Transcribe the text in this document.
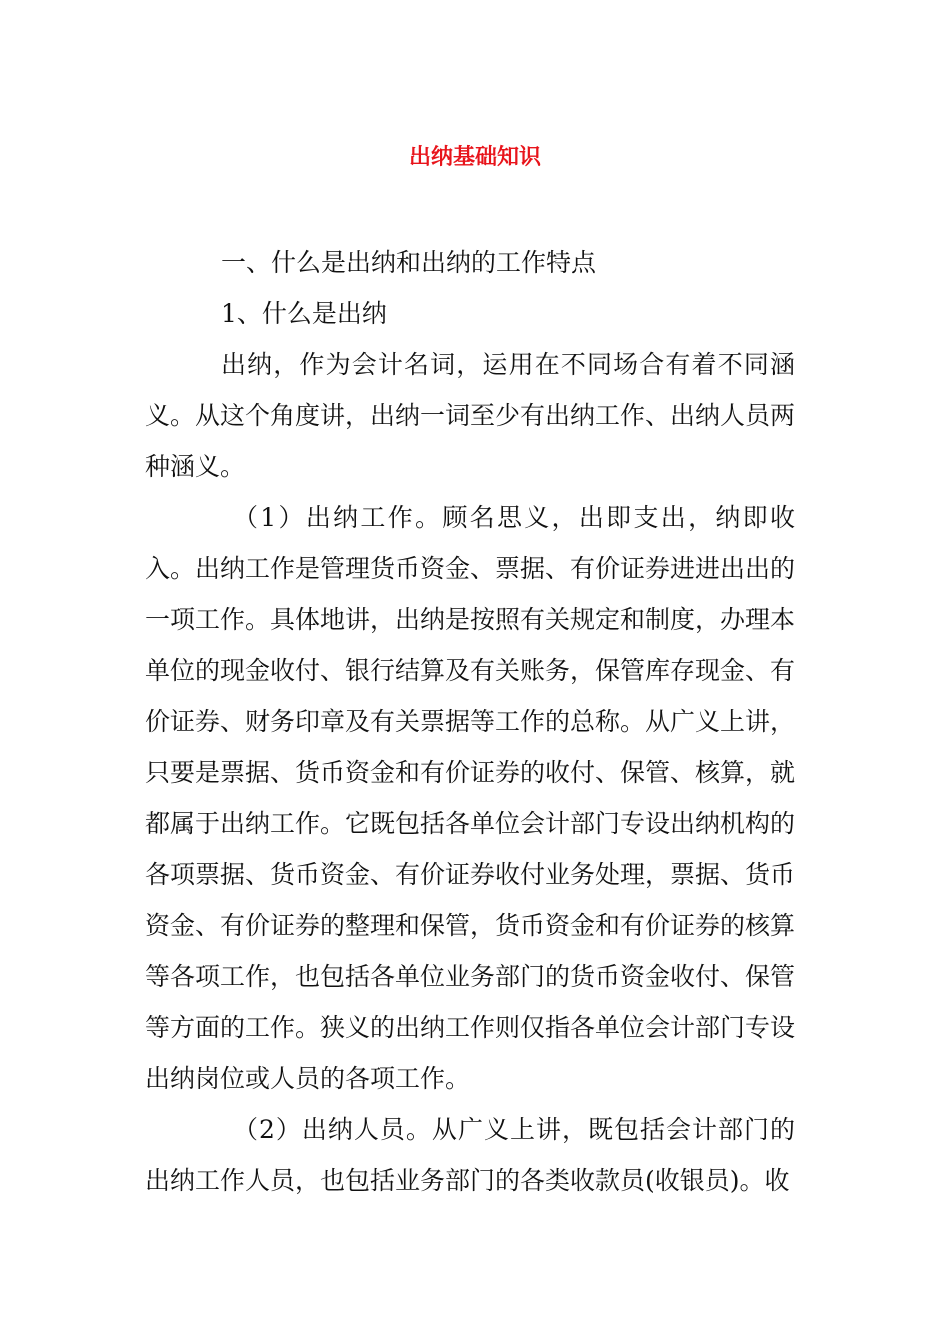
出纳基础知识

一、什么是出纳和出纳的工作特点

1、什么是出纳

出纳，作为会计名词，运用在不同场合有着不同涵义。从这个角度讲，出纳一词至少有出纳工作、出纳人员两种涵义。

（1）出纳工作。顾名思义，出即支出，纳即收入。出纳工作是管理货币资金、票据、有价证券进进出出的一项工作。具体地讲，出纳是按照有关规定和制度，办理本单位的现金收付、银行结算及有关账务，保管库存现金、有价证券、财务印章及有关票据等工作的总称。从广义上讲，只要是票据、货币资金和有价证券的收付、保管、核算，就都属于出纳工作。它既包括各单位会计部门专设出纳机构的各项票据、货币资金、有价证券收付业务处理，票据、货币资金、有价证券的整理和保管，货币资金和有价证券的核算等各项工作，也包括各单位业务部门的货币资金收付、保管等方面的工作。狭义的出纳工作则仅指各单位会计部门专设出纳岗位或人员的各项工作。

（2）出纳人员。从广义上讲，既包括会计部门的出纳工作人员，也包括业务部门的各类收款员(收银员)。收
